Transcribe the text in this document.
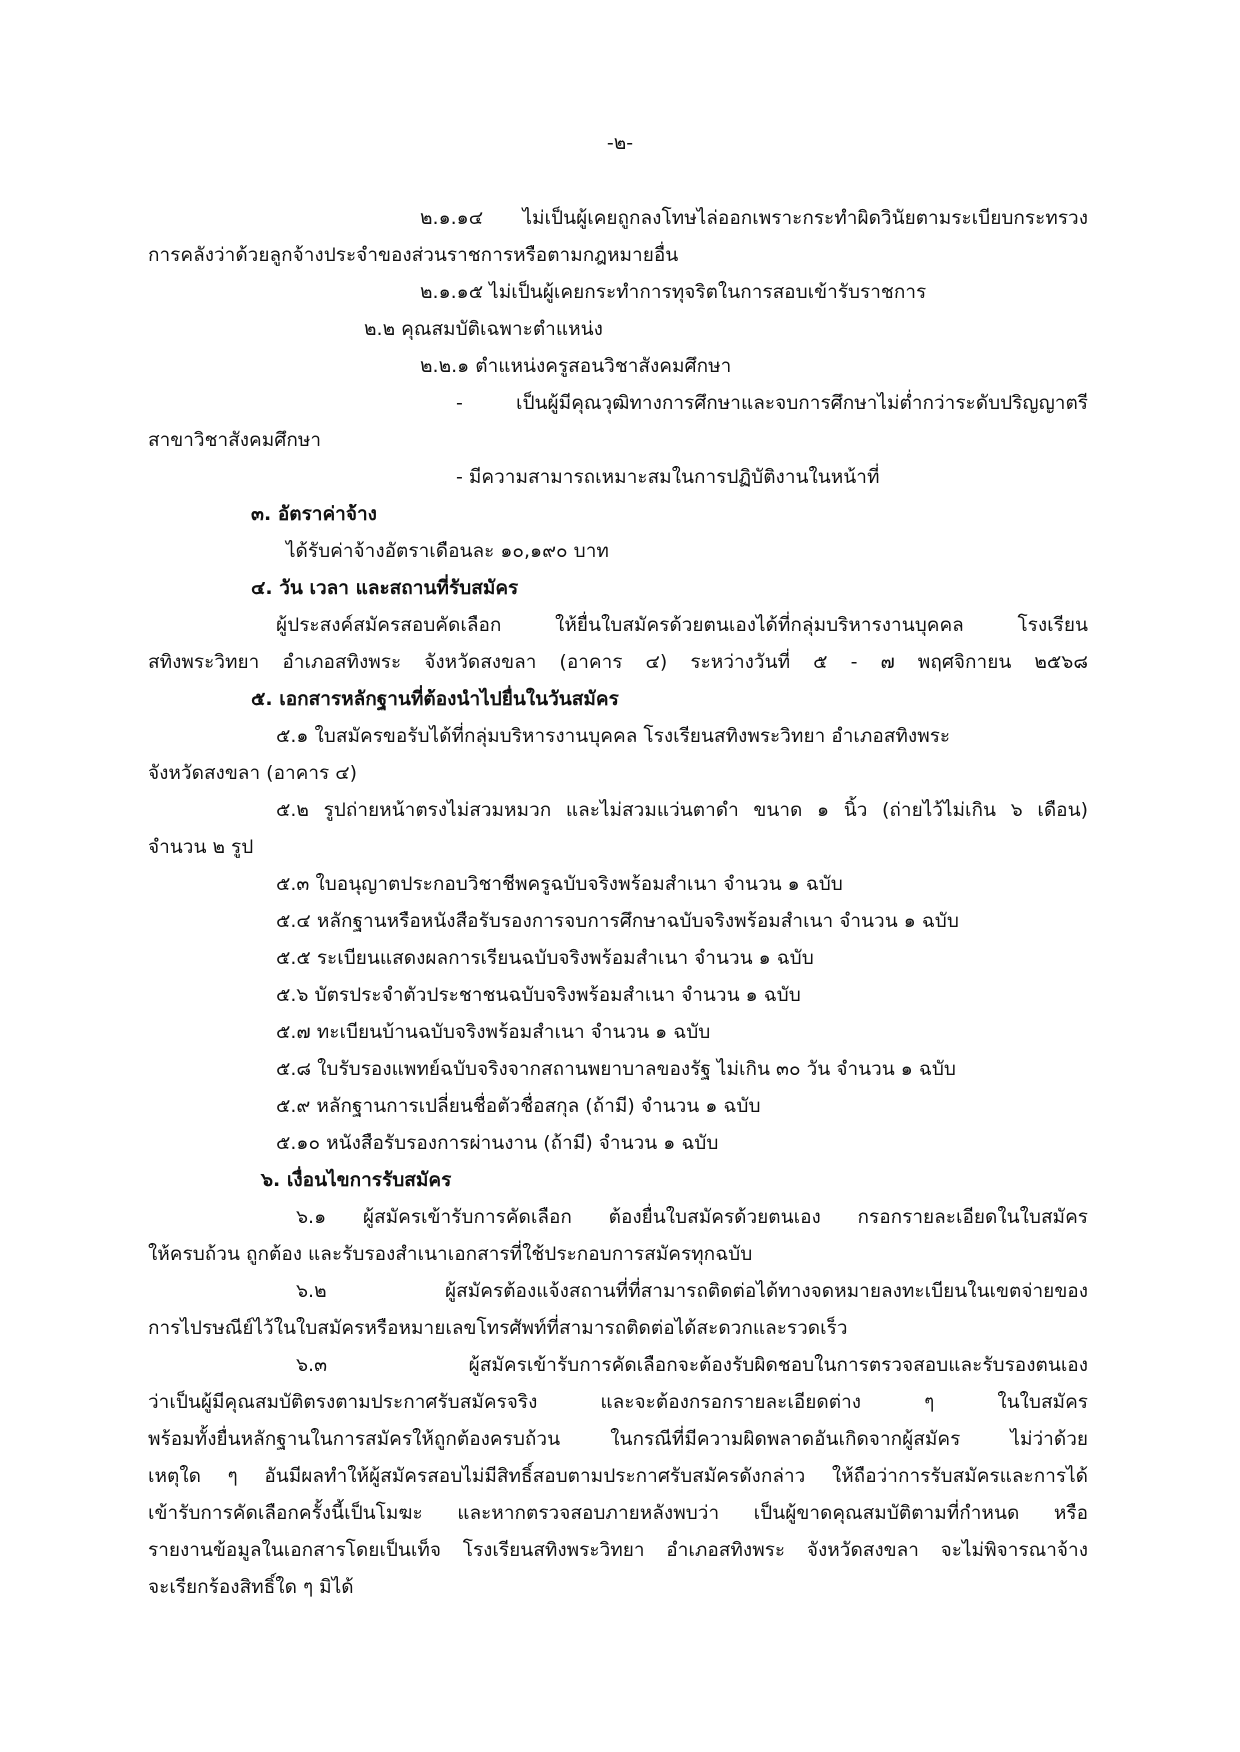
-๒-
๒.๑.๑๔ ไม่เป็นผู้เคยถูกลงโทษไล่ออกเพราะกระทำผิดวินัยตามระเบียบกระทรวง
การคลังว่าด้วยลูกจ้างประจำของส่วนราชการหรือตามกฎหมายอื่น
๒.๑.๑๕ ไม่เป็นผู้เคยกระทำการทุจริตในการสอบเข้ารับราชการ
๒.๒ คุณสมบัติเฉพาะตำแหน่ง
๒.๒.๑ ตำแหน่งครูสอนวิชาสังคมศึกษา
- เป็นผู้มีคุณวุฒิทางการศึกษาและจบการศึกษาไม่ต่ำกว่าระดับปริญญาตรี
สาขาวิชาสังคมศึกษา
- มีความสามารถเหมาะสมในการปฏิบัติงานในหน้าที่
๓. อัตราค่าจ้าง
ได้รับค่าจ้างอัตราเดือนละ ๑๐,๑๙๐ บาท
๔. วัน เวลา และสถานที่รับสมัคร
ผู้ประสงค์สมัครสอบคัดเลือก ให้ยื่นใบสมัครด้วยตนเองได้ที่กลุ่มบริหารงานบุคคล โรงเรียน
สทิงพระวิทยา อำเภอสทิงพระ จังหวัดสงขลา (อาคาร ๔) ระหว่างวันที่ ๕ - ๗ พฤศจิกายน ๒๕๖๘
๕. เอกสารหลักฐานที่ต้องนำไปยื่นในวันสมัคร
๕.๑ ใบสมัครขอรับได้ที่กลุ่มบริหารงานบุคคล โรงเรียนสทิงพระวิทยา อำเภอสทิงพระ
จังหวัดสงขลา (อาคาร ๔)
๕.๒ รูปถ่ายหน้าตรงไม่สวมหมวก และไม่สวมแว่นตาดำ ขนาด ๑ นิ้ว (ถ่ายไว้ไม่เกิน ๖ เดือน)
จำนวน ๒ รูป
๕.๓ ใบอนุญาตประกอบวิชาชีพครูฉบับจริงพร้อมสำเนา จำนวน ๑ ฉบับ
๕.๔ หลักฐานหรือหนังสือรับรองการจบการศึกษาฉบับจริงพร้อมสำเนา จำนวน ๑ ฉบับ
๕.๕ ระเบียนแสดงผลการเรียนฉบับจริงพร้อมสำเนา จำนวน ๑ ฉบับ
๕.๖ บัตรประจำตัวประชาชนฉบับจริงพร้อมสำเนา จำนวน ๑ ฉบับ
๕.๗ ทะเบียนบ้านฉบับจริงพร้อมสำเนา จำนวน ๑ ฉบับ
๕.๘ ใบรับรองแพทย์ฉบับจริงจากสถานพยาบาลของรัฐ ไม่เกิน ๓๐ วัน จำนวน ๑ ฉบับ
๕.๙ หลักฐานการเปลี่ยนชื่อตัวชื่อสกุล (ถ้ามี) จำนวน ๑ ฉบับ
๕.๑๐ หนังสือรับรองการผ่านงาน (ถ้ามี) จำนวน ๑ ฉบับ
๖. เงื่อนไขการรับสมัคร
๖.๑ ผู้สมัครเข้ารับการคัดเลือก ต้องยื่นใบสมัครด้วยตนเอง กรอกรายละเอียดในใบสมัคร
ให้ครบถ้วน ถูกต้อง และรับรองสำเนาเอกสารที่ใช้ประกอบการสมัครทุกฉบับ
๖.๒ ผู้สมัครต้องแจ้งสถานที่ที่สามารถติดต่อได้ทางจดหมายลงทะเบียนในเขตจ่ายของ
การไปรษณีย์ไว้ในใบสมัครหรือหมายเลขโทรศัพท์ที่สามารถติดต่อได้สะดวกและรวดเร็ว
๖.๓ ผู้สมัครเข้ารับการคัดเลือกจะต้องรับผิดชอบในการตรวจสอบและรับรองตนเอง
ว่าเป็นผู้มีคุณสมบัติตรงตามประกาศรับสมัครจริง และจะต้องกรอกรายละเอียดต่าง ๆ ในใบสมัคร
พร้อมทั้งยื่นหลักฐานในการสมัครให้ถูกต้องครบถ้วน ในกรณีที่มีความผิดพลาดอันเกิดจากผู้สมัคร ไม่ว่าด้วย
เหตุใด ๆ อันมีผลทำให้ผู้สมัครสอบไม่มีสิทธิ์สอบตามประกาศรับสมัครดังกล่าว ให้ถือว่าการรับสมัครและการได้
เข้ารับการคัดเลือกครั้งนี้เป็นโมฆะ และหากตรวจสอบภายหลังพบว่า เป็นผู้ขาดคุณสมบัติตามที่กำหนด หรือ
รายงานข้อมูลในเอกสารโดยเป็นเท็จ โรงเรียนสทิงพระวิทยา อำเภอสทิงพระ จังหวัดสงขลา จะไม่พิจารณาจ้าง
จะเรียกร้องสิทธิ์ใด ๆ มิได้
